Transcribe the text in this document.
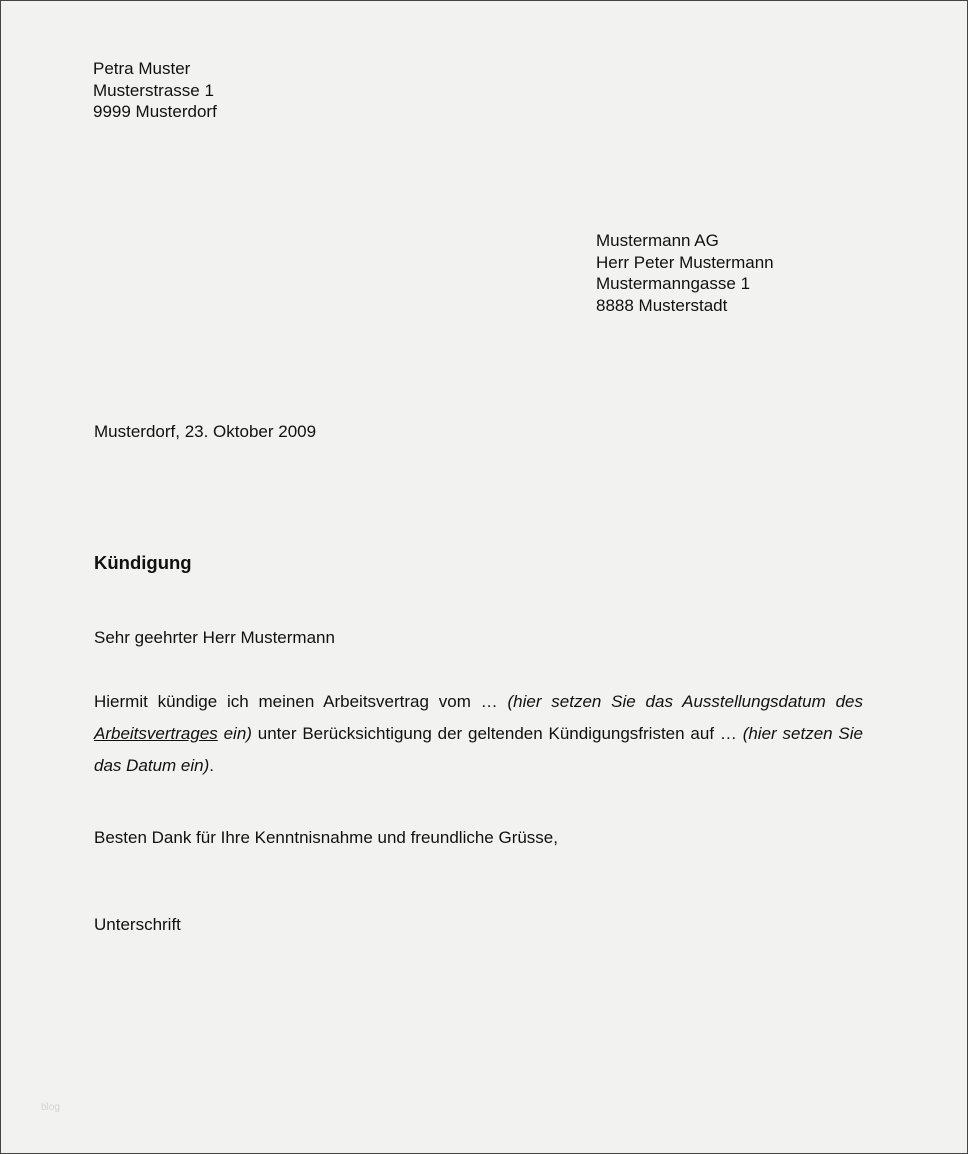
Petra Muster
Musterstrasse 1
9999 Musterdorf
Mustermann AG
Herr Peter Mustermann
Mustermanngasse 1
8888 Musterstadt
Musterdorf, 23. Oktober 2009
Kündigung
Sehr geehrter Herr Mustermann
Hiermit kündige ich meinen Arbeitsvertrag vom … (hier setzen Sie das Ausstellungsdatum des Arbeitsvertrages ein) unter Berücksichtigung der geltenden Kündigungsfristen auf … (hier setzen Sie das Datum ein).
Besten Dank für Ihre Kenntnisnahme und freundliche Grüsse,
Unterschrift
blog
